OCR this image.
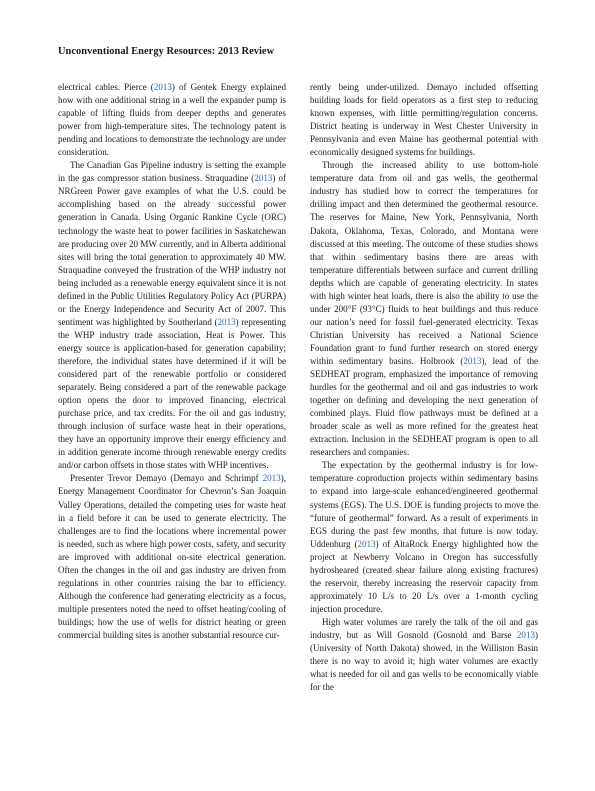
Unconventional Energy Resources: 2013 Review

electrical cables. Pierce (2013) of Geotek Energy explained how with one additional string in a well the expander pump is capable of lifting fluids from deeper depths and generates power from high-temperature sites. The technology patent is pending and locations to demonstrate the technology are under consideration.

The Canadian Gas Pipeline industry is setting the example in the gas compressor station business. Straquadine (2013) of NRGreen Power gave examples of what the U.S. could be accomplishing based on the already successful power generation in Canada. Using Organic Rankine Cycle (ORC) technology the waste heat to power facilities in Saskatchewan are producing over 20 MW currently, and in Alberta additional sites will bring the total generation to approximately 40 MW. Straquadine conveyed the frustration of the WHP industry not being included as a renewable energy equivalent since it is not defined in the Public Utilities Regulatory Policy Act (PURPA) or the Energy Independence and Security Act of 2007. This sentiment was highlighted by Southerland (2013) representing the WHP industry trade association, Heat is Power. This energy source is application-based for generation capability; therefore, the individual states have determined if it will be considered part of the renewable portfolio or considered separately. Being considered a part of the renewable package option opens the door to improved financing, electrical purchase price, and tax credits. For the oil and gas industry, through inclusion of surface waste heat in their operations, they have an opportunity improve their energy efficiency and in addition generate income through renewable energy credits and/or carbon offsets in those states with WHP incentives.

Presenter Trevor Demayo (Demayo and Schrimpf 2013), Energy Management Coordinator for Chevron’s San Joaquin Valley Operations, detailed the competing uses for waste heat in a field before it can be used to generate electricity. The challenges are to find the locations where incremental power is needed, such as where high power costs, safety, and security are improved with additional on-site electrical generation. Often the changes in the oil and gas industry are driven from regulations in other countries raising the bar to efficiency. Although the conference had generating electricity as a focus, multiple presenters noted the need to offset heating/cooling of buildings; how the use of wells for district heating or green commercial building sites is another substantial resource cur-

rently being under-utilized. Demayo included offsetting building loads for field operators as a first step to reducing known expenses, with little permitting/regulation concerns. District heating is underway in West Chester University in Pennsylvania and even Maine has geothermal potential with economically designed systems for buildings.

Through the increased ability to use bottom-hole temperature data from oil and gas wells, the geothermal industry has studied how to correct the temperatures for drilling impact and then determined the geothermal resource. The reserves for Maine, New York, Pennsylvania, North Dakota, Oklahoma, Texas, Colorado, and Montana were discussed at this meeting. The outcome of these studies shows that within sedimentary basins there are areas with temperature differentials between surface and current drilling depths which are capable of generating electricity. In states with high winter heat loads, there is also the ability to use the under 200°F (93°C) fluids to heat buildings and thus reduce our nation’s need for fossil fuel-generated electricity. Texas Christian University has received a National Science Foundation grant to fund further research on stored energy within sedimentary basins. Holbrook (2013), lead of the SEDHEAT program, emphasized the importance of removing hurdles for the geothermal and oil and gas industries to work together on defining and developing the next generation of combined plays. Fluid flow pathways must be defined at a broader scale as well as more refined for the greatest heat extraction. Inclusion in the SEDHEAT program is open to all researchers and companies.

The expectation by the geothermal industry is for low-temperature coproduction projects within sedimentary basins to expand into large-scale enhanced/engineered geothermal systems (EGS). The U.S. DOE is funding projects to move the “future of geothermal” forward. As a result of experiments in EGS during the past few months, that future is now today. Uddenburg (2013) of AltaRock Energy highlighted how the project at Newberry Volcano in Oregon has successfully hydrosheared (created shear failure along existing fractures) the reservoir, thereby increasing the reservoir capacity from approximately 10 L/s to 20 L/s over a 1-month cycling injection procedure.

High water volumes are rarely the talk of the oil and gas industry, but as Will Gosnold (Gosnold and Barse 2013) (University of North Dakota) showed, in the Williston Basin there is no way to avoid it; high water volumes are exactly what is needed for oil and gas wells to be economically viable for the
